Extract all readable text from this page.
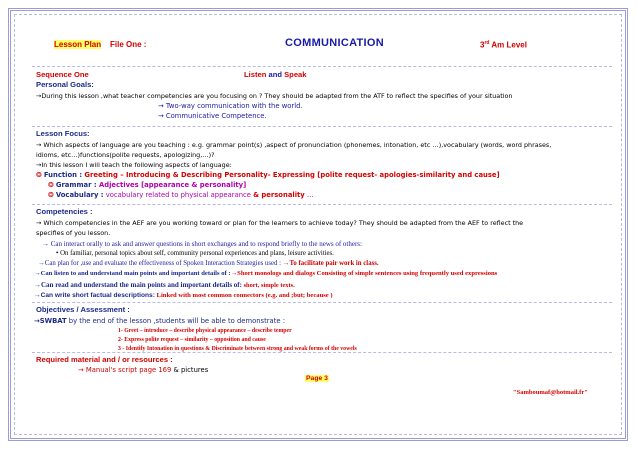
Lesson Plan File One :	COMMUNICATION	3rd Am Level
Sequence One	Listen and Speak
Personal Goals:
→During this lesson ,what teacher competencies are you focusing on ? They should be adapted from the ATF to reflect the specifies of your situation
→ Two-way communication with the world.
→ Communicative Competence.
Lesson Focus:
→ Which aspects of language are you teaching : e.g. grammar point(s) ,aspect of pronunciation (phonemes, intonation, etc …),vocabulary (words, word phrases,
idioms, etc…)functions(polite requests, apologizing,…)?
→In this lesson I will teach the following aspects of language:
❂ Function : Greeting – Introducing & Describing Personality- Expressing [polite request- apologies-similarity and cause]
❂ Grammar : Adjectives [appearance & personality]
❂ Vocabulary : vocabulary related to physical appearance & personality …
Competencies :
→ Which competencies in the AEF are you working toward or plan for the learners to achieve today? They should be adapted from the AEF to reflect the
specifies of you lesson.
→ Can interact orally to ask and answer questions in short exchanges and to respond briefly to the news of others:
• On familiar, personal topics about self, community personal experiences and plans, leisure activities.
→Can plan for ,use and evaluate the effectiveness of Spoken Interaction Strategies used : →To facilitate pair work in class.
→Can listen to and understand main points and important details of :→Short monologs and dialogs Consisting of simple sentences using frequently used expressions
→Can read and understand the main points and important details of: short, simple texts.
→Can write short factual descriptions: Linked with most common connectors (e.g. and ;but; because )
Objectives / Assessment :
→SWBAT by the end of the lesson ,students will be able to demonstrate :
1- Greet – introduce – describe physical appearance – describe temper
2- Express polite request – similarity – opposition and cause
3 - Identify Intonation in questions & Discriminate between strong and weak forms of the vowels
Required material and / or resources :
→ Manual's script page 169 & pictures
Page 3
"Samboumaf@hotmail.fr"
